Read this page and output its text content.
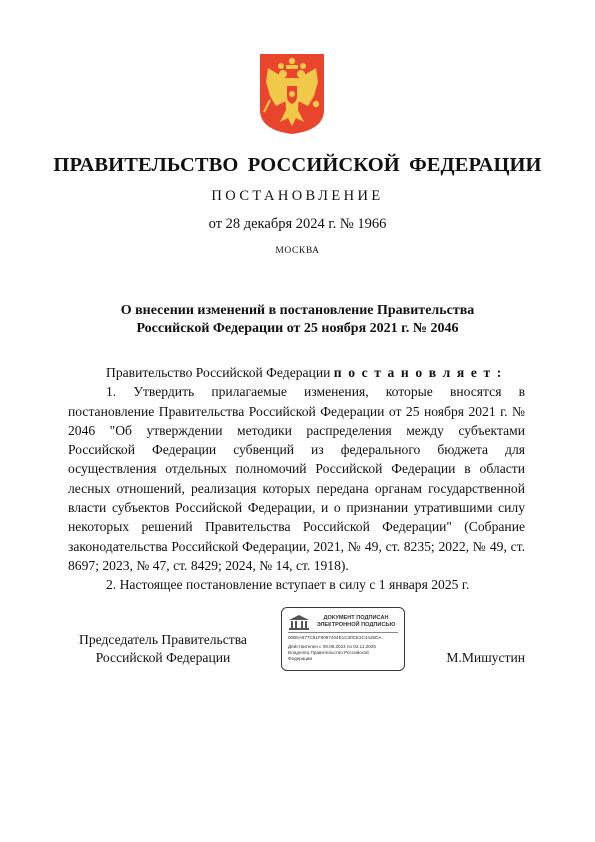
ПРАВИТЕЛЬСТВО РОССИЙСКОЙ ФЕДЕРАЦИИ
ПОСТАНОВЛЕНИЕ
от 28 декабря 2024 г. № 1966
МОСКВА
О внесении изменений в постановление Правительства
Российской Федерации от 25 ноября 2021 г. № 2046

Правительство Российской Федерации п о с т а н о в л я е т :

1. Утвердить прилагаемые изменения, которые вносятся в постановление Правительства Российской Федерации от 25 ноября 2021 г. № 2046 "Об утверждении методики распределения между субъектами Российской Федерации субвенций из федерального бюджета для осуществления отдельных полномочий Российской Федерации в области лесных отношений, реализация которых передана органам государственной власти субъектов Российской Федерации, и о признании утратившими силу некоторых решений Правительства Российской Федерации" (Собрание законодательства Российской Федерации, 2021, № 49, ст. 8235; 2022, № 49, ст. 8697; 2023, № 47, ст. 8429; 2024, № 14, ст. 1918).

2. Настоящее постановление вступает в силу с 1 января 2025 г.

Председатель Правительства
Российской Федерации
ДОКУМЕНТ ПОДПИСАН
ЭЛЕКТРОННОЙ ПОДПИСЬЮ
00B5A677C61F8097404E1C30CE2C4426DA
Действителен с 09.08.2024 по 02.11.2025
Владелец Правительство Российской
Федерации	М.Мишустин
